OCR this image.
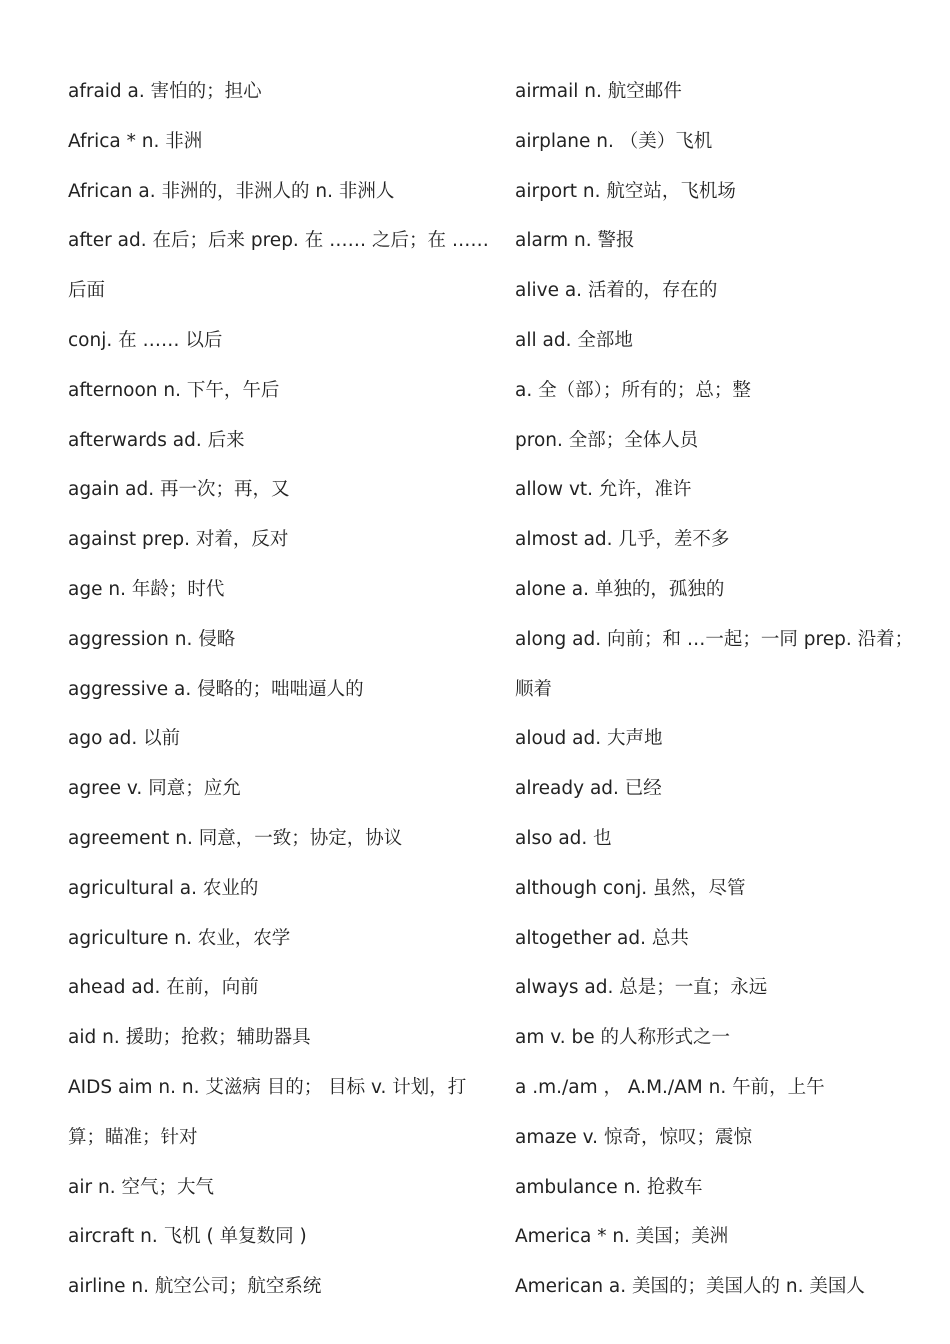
afraid a. 害怕的；担心
Africa * n. 非洲
African a. 非洲的，非洲人的 n. 非洲人
after ad. 在后；后来 prep. 在 …… 之后；在 ……
后面
conj. 在 …… 以后
afternoon n. 下午，午后
afterwards ad. 后来
again ad. 再一次；再，又
against prep. 对着，反对
age n. 年龄；时代
aggression n. 侵略
aggressive a. 侵略的；咄咄逼人的
ago ad. 以前
agree v. 同意；应允
agreement n. 同意，一致；协定，协议
agricultural a. 农业的
agriculture n. 农业，农学
ahead ad. 在前，向前
aid n. 援助；抢救；辅助器具
AIDS aim n. n. 艾滋病 目的； 目标 v. 计划，打
算；瞄准；针对
air n. 空气；大气
aircraft n. 飞机 ( 单复数同 )
airline n. 航空公司；航空系统
airmail n. 航空邮件
airplane n. （美）飞机
airport n. 航空站，飞机场
alarm n. 警报
alive a. 活着的，存在的
all ad. 全部地
a. 全（部）；所有的；总；整
pron. 全部；全体人员
allow vt. 允许，准许
almost ad. 几乎，差不多
alone a. 单独的，孤独的
along ad. 向前；和 …一起；一同 prep. 沿着；
顺着
aloud ad. 大声地
already ad. 已经
also ad. 也
although conj. 虽然，尽管
altogether ad. 总共
always ad. 总是；一直；永远
am v. be 的人称形式之一
a .m./am ， A.M./AM n. 午前，上午
amaze v. 惊奇，惊叹；震惊
ambulance n. 抢救车
America * n. 美国；美洲
American a. 美国的；美国人的 n. 美国人
